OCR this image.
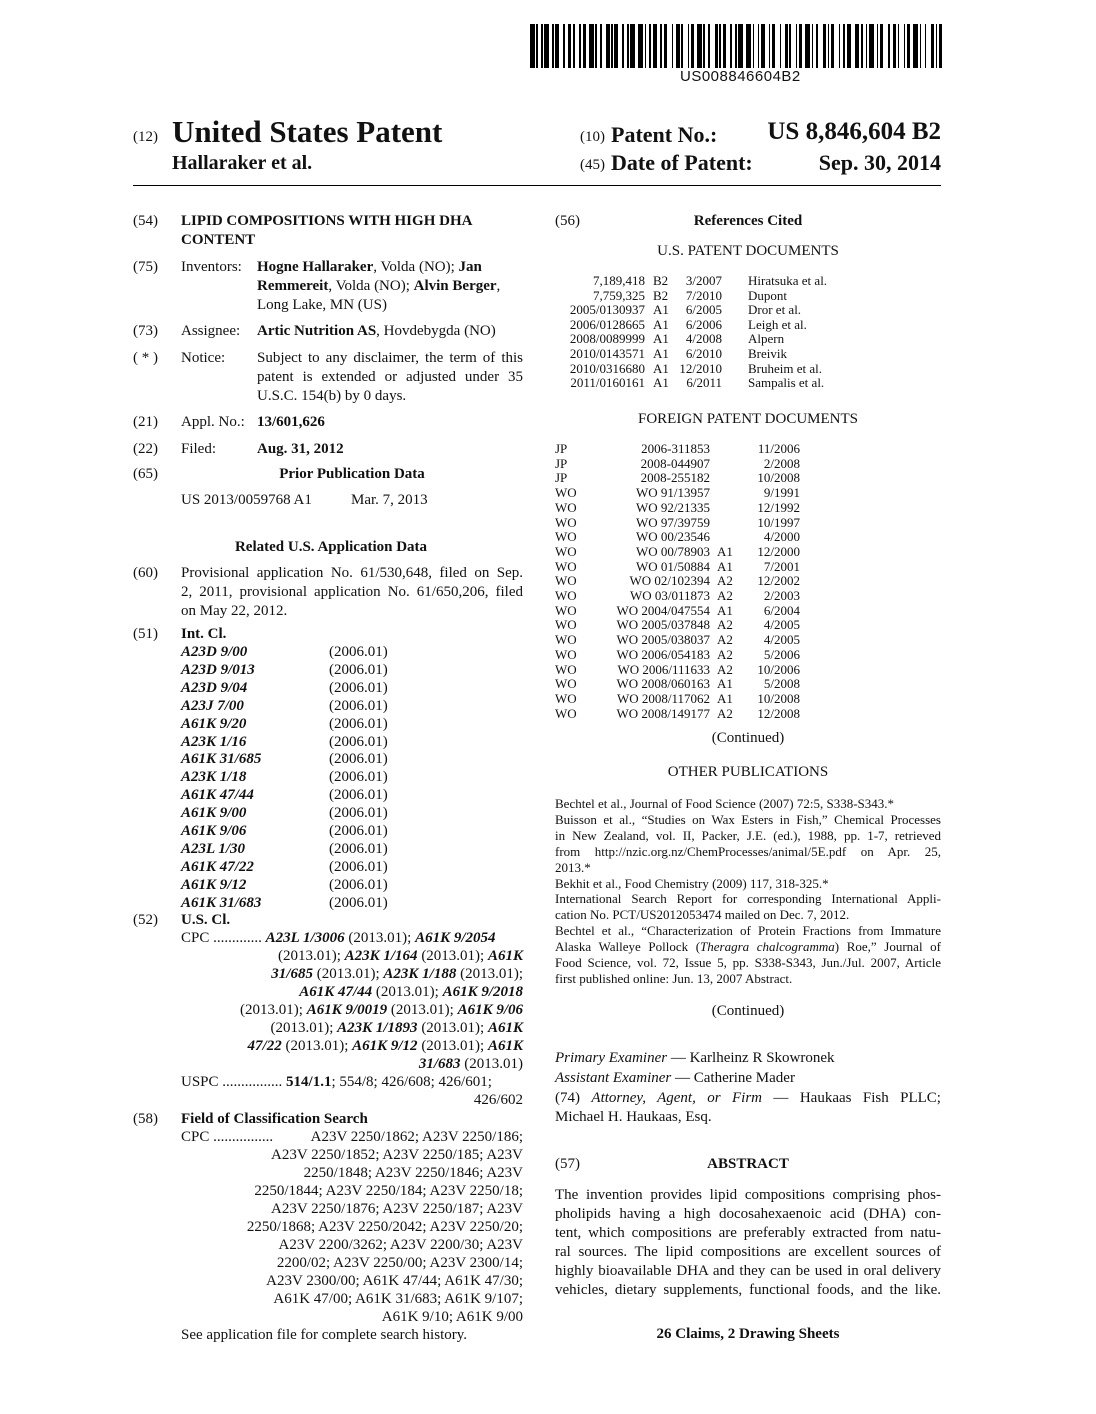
US008846604B2
(12) United States Patent
Hallaraker et al.
(10) Patent No.: US 8,846,604 B2
(45) Date of Patent:	Sep. 30, 2014
(54) LIPID COMPOSITIONS WITH HIGH DHA
CONTENT
(75) Inventors: Hogne Hallaraker, Volda (NO); Jan
Remmereit, Volda (NO); Alvin Berger,
Long Lake, MN (US)
(73) Assignee: Artic Nutrition AS, Hovdebygda (NO)
( * ) Notice: Subject to any disclaimer, the term of this
patent is extended or adjusted under 35
U.S.C. 154(b) by 0 days.
(21) Appl. No.: 13/601,626
(22) Filed:	Aug. 31, 2012
(65)	Prior Publication Data
US 2013/0059768 A1	Mar. 7, 2013
Related U.S. Application Data
(60) Provisional application No. 61/530,648, filed on Sep.
2, 2011, provisional application No. 61/650,206, filed
on May 22, 2012.
(51) Int. Cl.
A23D 9/00	(2006.01)
A23D 9/013	(2006.01)
A23D 9/04	(2006.01)
A23J 7/00	(2006.01)
A61K 9/20	(2006.01)
A23K 1/16	(2006.01)
A61K 31/685	(2006.01)
A23K 1/18	(2006.01)
A61K 47/44	(2006.01)
A61K 9/00	(2006.01)
A61K 9/06	(2006.01)
A23L 1/30	(2006.01)
A61K 47/22	(2006.01)
A61K 9/12	(2006.01)
A61K 31/683	(2006.01)
(52) U.S. Cl.
CPC ............. A23L 1/3006 (2013.01); A61K 9/2054
(2013.01); A23K 1/164 (2013.01); A61K
31/685 (2013.01); A23K 1/188 (2013.01);
A61K 47/44 (2013.01); A61K 9/2018
(2013.01); A61K 9/0019 (2013.01); A61K 9/06
(2013.01); A23K 1/1893 (2013.01); A61K
47/22 (2013.01); A61K 9/12 (2013.01); A61K
31/683 (2013.01)
USPC ................ 514/1.1; 554/8; 426/608; 426/601;
426/602
(58) Field of Classification Search
CPC ................	A23V 2250/1862; A23V 2250/186;
A23V 2250/1852; A23V 2250/185; A23V
2250/1848; A23V 2250/1846; A23V
2250/1844; A23V 2250/184; A23V 2250/18;
A23V 2250/1876; A23V 2250/187; A23V
2250/1868; A23V 2250/2042; A23V 2250/20;
A23V 2200/3262; A23V 2200/30; A23V
2200/02; A23V 2250/00; A23V 2300/14;
A23V 2300/00; A61K 47/44; A61K 47/30;
A61K 47/00; A61K 31/683; A61K 9/107;
A61K 9/10; A61K 9/00
See application file for complete search history.
(56)	References Cited
U.S. PATENT DOCUMENTS
7,189,418 B2 3/2007 Hiratsuka et al.
7,759,325 B2 7/2010 Dupont
2005/0130937 A1 6/2005 Dror et al.
2006/0128665 A1 6/2006 Leigh et al.
2008/0089999 A1 4/2008 Alpern
2010/0143571 A1 6/2010 Breivik
2010/0316680 A1 12/2010 Bruheim et al.
2011/0160161 A1 6/2011 Sampalis et al.
FOREIGN PATENT DOCUMENTS
JP	2006-311853	11/2006
JP	2008-044907	2/2008
JP	2008-255182	10/2008
WO	WO 91/13957	9/1991
WO	WO 92/21335	12/1992
WO	WO 97/39759	10/1997
WO	WO 00/23546	4/2000
WO	WO 00/78903 A1 12/2000
WO	WO 01/50884 A1 7/2001
WO	WO 02/102394 A2 12/2002
WO	WO 03/011873 A2 2/2003
WO	WO 2004/047554 A1 6/2004
WO	WO 2005/037848 A2 4/2005
WO	WO 2005/038037 A2 4/2005
WO	WO 2006/054183 A2 5/2006
WO	WO 2006/111633 A2 10/2006
WO	WO 2008/060163 A1 5/2008
WO	WO 2008/117062 A1 10/2008
WO	WO 2008/149177 A2 12/2008
(Continued)
OTHER PUBLICATIONS
Bechtel et al., Journal of Food Science (2007) 72:5, S338-S343.*
Buisson et al., “Studies on Wax Esters in Fish,” Chemical Processes
in New Zealand, vol. II, Packer, J.E. (ed.), 1988, pp. 1-7, retrieved
from http://nzic.org.nz/ChemProcesses/animal/5E.pdf on Apr. 25,
2013.*
Bekhit et al., Food Chemistry (2009) 117, 318-325.*
International Search Report for corresponding International Appli-
cation No. PCT/US2012053474 mailed on Dec. 7, 2012.
Bechtel et al., “Characterization of Protein Fractions from Immature
Alaska Walleye Pollock (Theragra chalcogramma) Roe,” Journal of
Food Science, vol. 72, Issue 5, pp. S338-S343, Jun./Jul. 2007, Article
first published online: Jun. 13, 2007 Abstract.
(Continued)
Primary Examiner — Karlheinz R Skowronek
Assistant Examiner — Catherine Mader
(74) Attorney, Agent, or Firm — Haukaas Fish PLLC;
Michael H. Haukaas, Esq.
(57)	ABSTRACT
The invention provides lipid compositions comprising phos-
pholipids having a high docosahexaenoic acid (DHA) con-
tent, which compositions are preferably extracted from natu-
ral sources. The lipid compositions are excellent sources of
highly bioavailable DHA and they can be used in oral delivery
vehicles, dietary supplements, functional foods, and the like.
26 Claims, 2 Drawing Sheets
